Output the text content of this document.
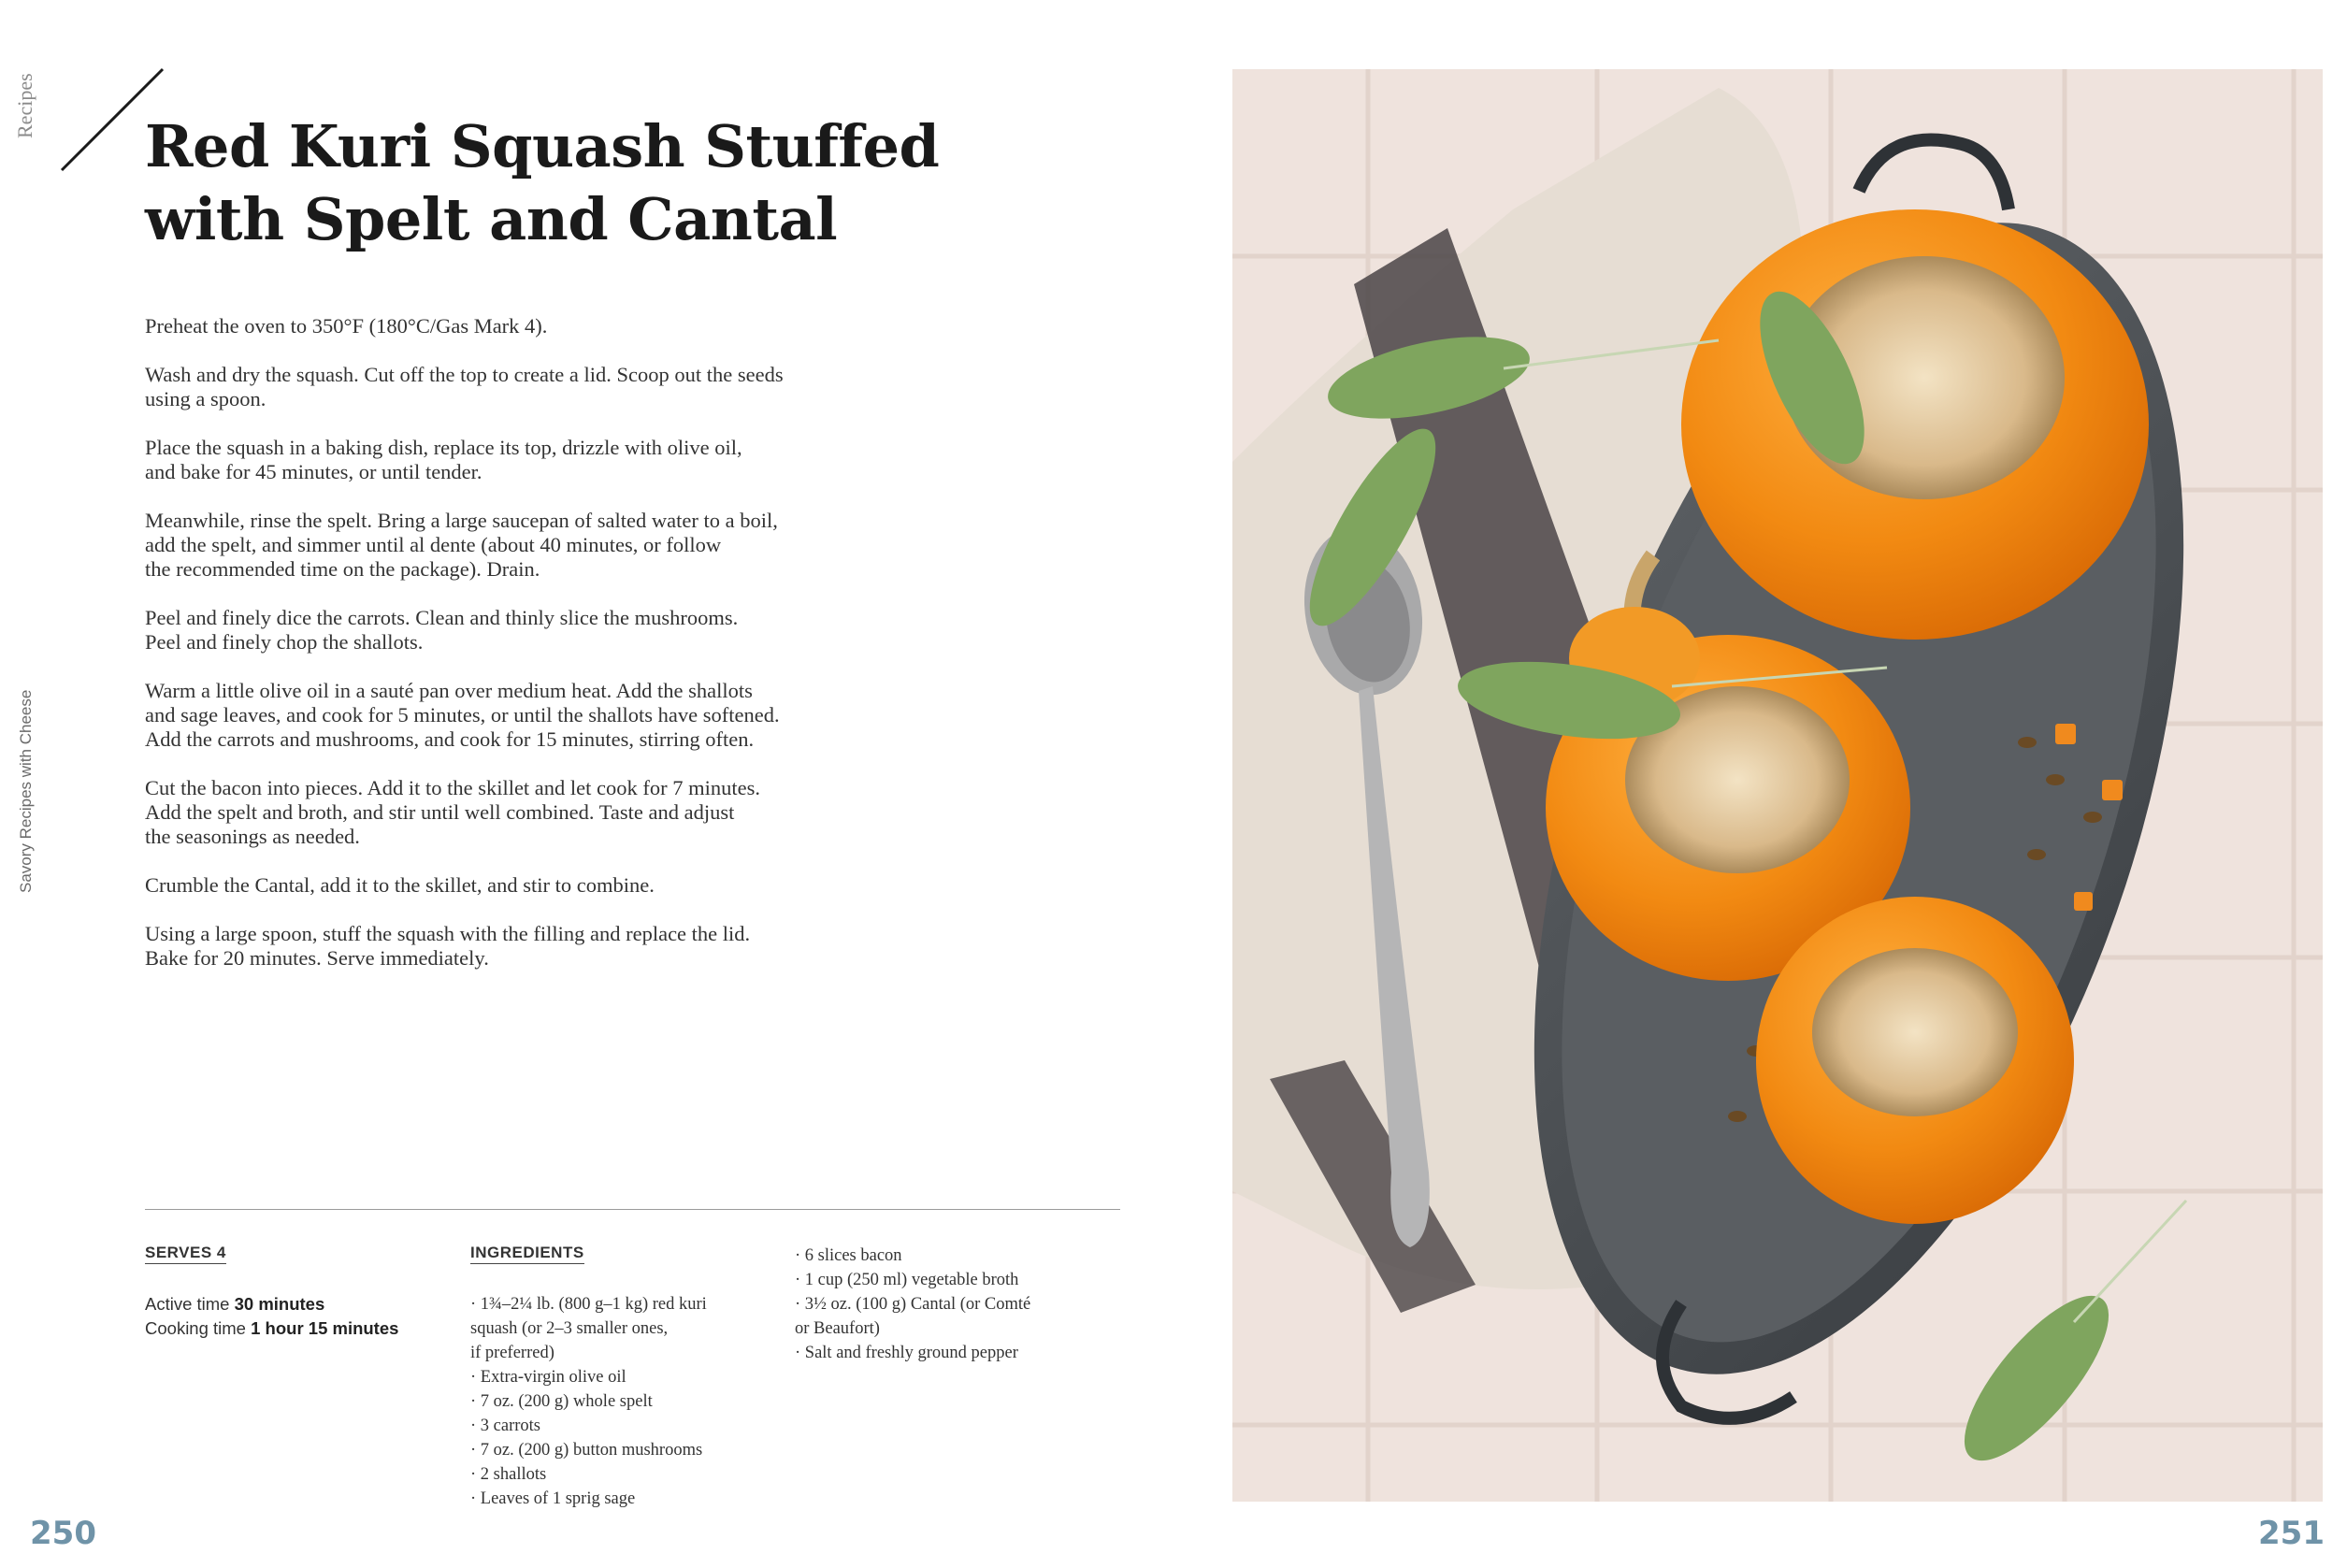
Recipes
Savory Recipes with Cheese
Red Kuri Squash Stuffed
with Spelt and Cantal
Preheat the oven to 350°F (180°C/Gas Mark 4).
Wash and dry the squash. Cut off the top to create a lid. Scoop out the seeds
using a spoon.
Place the squash in a baking dish, replace its top, drizzle with olive oil,
and bake for 45 minutes, or until tender.
Meanwhile, rinse the spelt. Bring a large saucepan of salted water to a boil,
add the spelt, and simmer until al dente (about 40 minutes, or follow
the recommended time on the package). Drain.
Peel and finely dice the carrots. Clean and thinly slice the mushrooms.
Peel and finely chop the shallots.
Warm a little olive oil in a sauté pan over medium heat. Add the shallots
and sage leaves, and cook for 5 minutes, or until the shallots have softened.
Add the carrots and mushrooms, and cook for 15 minutes, stirring often.
Cut the bacon into pieces. Add it to the skillet and let cook for 7 minutes.
Add the spelt and broth, and stir until well combined. Taste and adjust
the seasonings as needed.
Crumble the Cantal, add it to the skillet, and stir to combine.
Using a large spoon, stuff the squash with the filling and replace the lid.
Bake for 20 minutes. Serve immediately.
SERVES 4
Active time 30 minutes
Cooking time 1 hour 15 minutes
INGREDIENTS
· 1¾–2¼ lb. (800 g–1 kg) red kuri
squash (or 2–3 smaller ones,
if preferred)
· Extra-virgin olive oil
· 7 oz. (200 g) whole spelt
· 3 carrots
· 7 oz. (200 g) button mushrooms
· 2 shallots
· Leaves of 1 sprig sage
· 6 slices bacon
· 1 cup (250 ml) vegetable broth
· 3½ oz. (100 g) Cantal (or Comté
or Beaufort)
· Salt and freshly ground pepper
250	251
